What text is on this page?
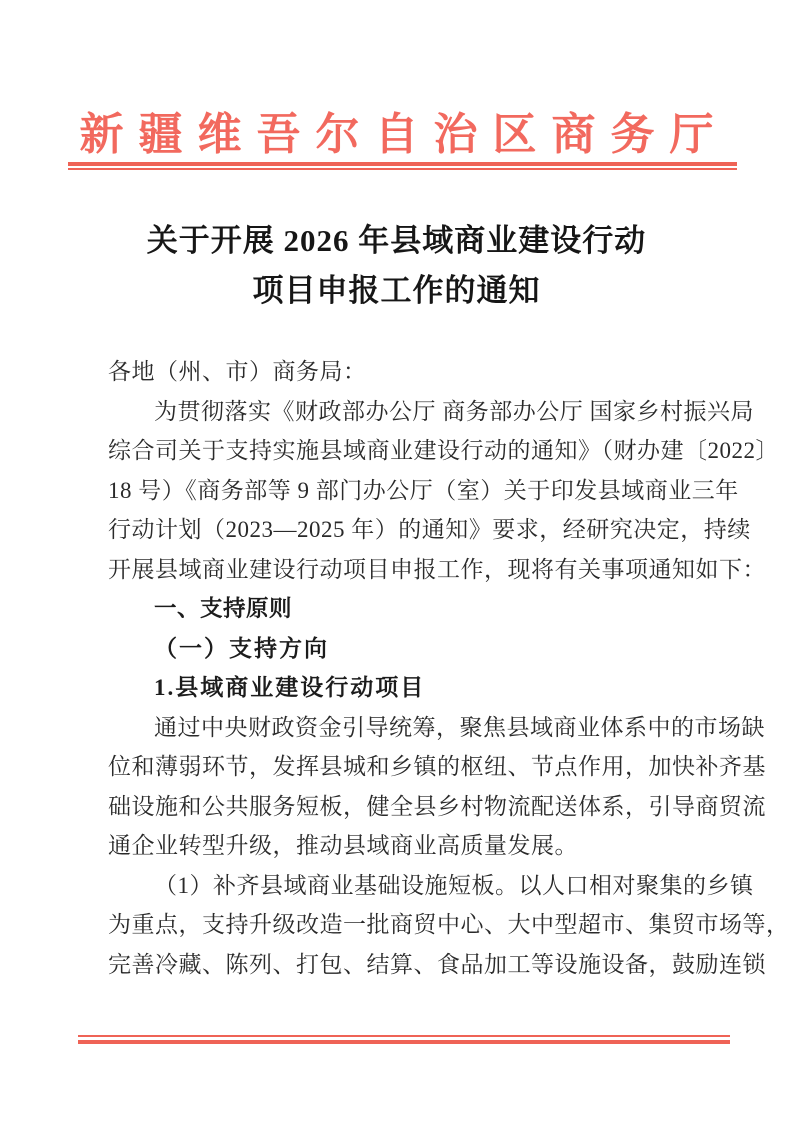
新疆维吾尔自治区商务厅
关于开展 2026 年县域商业建设行动
项目申报工作的通知
各地（州、市）商务局：
为贯彻落实《财政部办公厅 商务部办公厅 国家乡村振兴局
综合司关于支持实施县域商业建设行动的通知》（财办建〔2022〕
18 号）《商务部等 9 部门办公厅（室）关于印发县域商业三年
行动计划（2023—2025 年）的通知》要求，经研究决定，持续
开展县域商业建设行动项目申报工作，现将有关事项通知如下：
一、支持原则
（一）支持方向
1.县域商业建设行动项目
通过中央财政资金引导统筹，聚焦县域商业体系中的市场缺
位和薄弱环节，发挥县城和乡镇的枢纽、节点作用，加快补齐基
础设施和公共服务短板，健全县乡村物流配送体系，引导商贸流
通企业转型升级，推动县域商业高质量发展。
（1）补齐县域商业基础设施短板。以人口相对聚集的乡镇
为重点，支持升级改造一批商贸中心、大中型超市、集贸市场等，
完善冷藏、陈列、打包、结算、食品加工等设施设备，鼓励连锁
